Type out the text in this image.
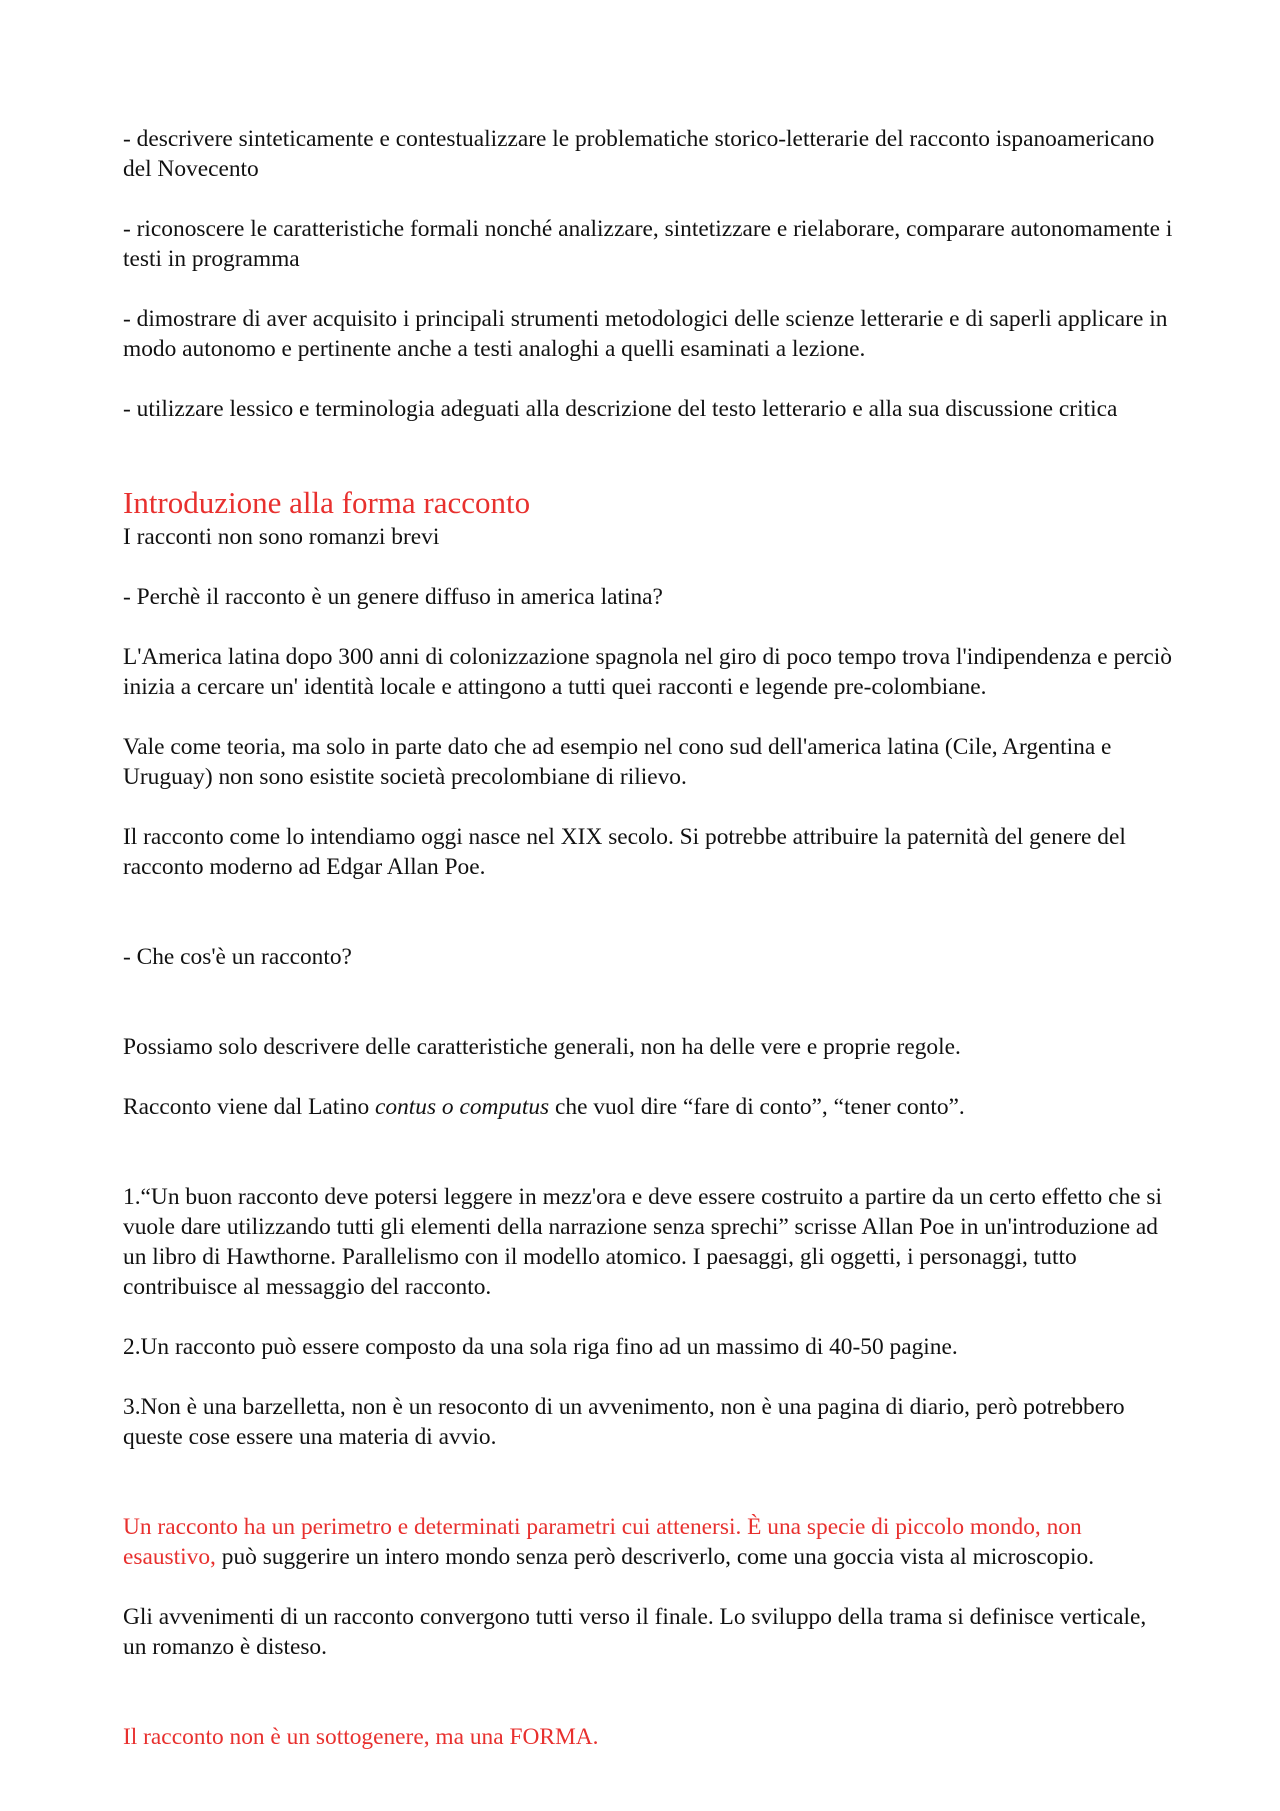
- descrivere sinteticamente e contestualizzare le problematiche storico-letterarie del racconto ispanoamericano del Novecento

- riconoscere le caratteristiche formali nonché analizzare, sintetizzare e rielaborare, comparare autonomamente i testi in programma

- dimostrare di aver acquisito i principali strumenti metodologici delle scienze letterarie e di saperli applicare in modo autonomo e pertinente anche a testi analoghi a quelli esaminati a lezione.

- utilizzare lessico e terminologia adeguati alla descrizione del testo letterario e alla sua discussione critica

Introduzione alla forma racconto

I racconti non sono romanzi brevi

- Perchè il racconto è un genere diffuso in america latina?

L'America latina dopo 300 anni di colonizzazione spagnola nel giro di poco tempo trova l'indipendenza e perciò inizia a cercare un' identità locale e attingono a tutti quei racconti e legende pre-colombiane.

Vale come teoria, ma solo in parte dato che ad esempio nel cono sud dell'america latina (Cile, Argentina e Uruguay) non sono esistite società precolombiane di rilievo.

Il racconto come lo intendiamo oggi nasce nel XIX secolo. Si potrebbe attribuire la paternità del genere del racconto moderno ad Edgar Allan Poe.

- Che cos'è un racconto?

Possiamo solo descrivere delle caratteristiche generali, non ha delle vere e proprie regole.

Racconto viene dal Latino contus o computus che vuol dire “fare di conto”, “tener conto”.

1.“Un buon racconto deve potersi leggere in mezz'ora e deve essere costruito a partire da un certo effetto che si vuole dare utilizzando tutti gli elementi della narrazione senza sprechi” scrisse Allan Poe in un'introduzione ad un libro di Hawthorne. Parallelismo con il modello atomico. I paesaggi, gli oggetti, i personaggi, tutto contribuisce al messaggio del racconto.

2.Un racconto può essere composto da una sola riga fino ad un massimo di 40-50 pagine.

3.Non è una barzelletta, non è un resoconto di un avvenimento, non è una pagina di diario, però potrebbero queste cose essere una materia di avvio.

Un racconto ha un perimetro e determinati parametri cui attenersi. È una specie di piccolo mondo, non esaustivo, può suggerire un intero mondo senza però descriverlo, come una goccia vista al microscopio.

Gli avvenimenti di un racconto convergono tutti verso il finale. Lo sviluppo della trama si definisce verticale, un romanzo è disteso.

Il racconto non è un sottogenere, ma una FORMA.
